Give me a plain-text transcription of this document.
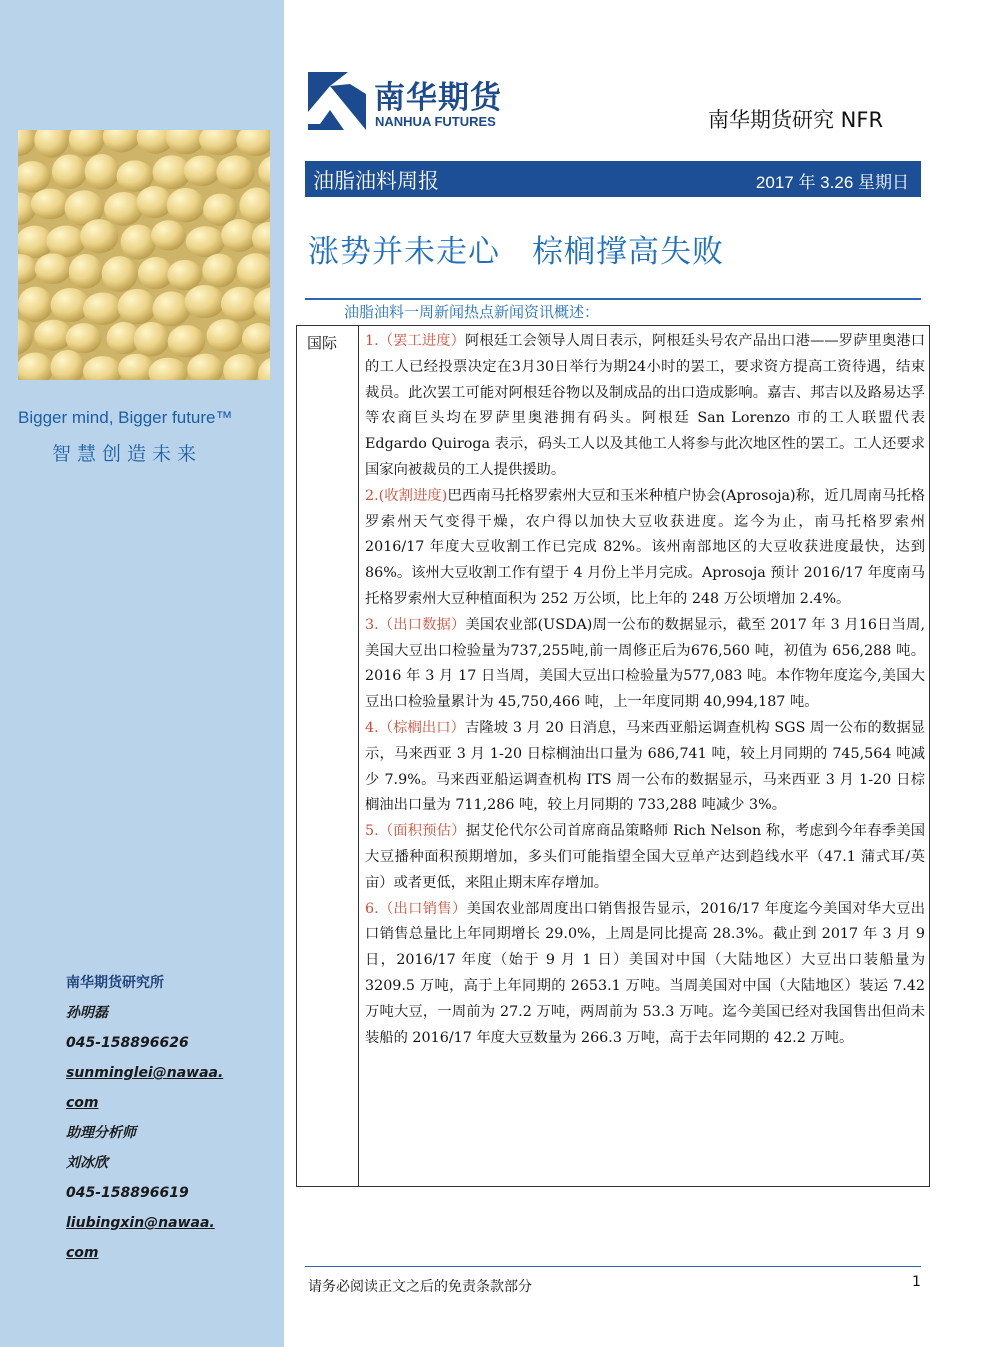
Bigger mind, Bigger future™
智慧创造未来
南华期货研究所
孙明磊
045-158896626
sunminglei@nawaa.
com
助理分析师
刘冰欣
045-158896619
liubingxin@nawaa.
com
南华期货
NANHUA FUTURES	南华期货研究 NFR
油脂油料周报	2017 年 3.26 星期日
涨势并未走心　棕榈撑高失败
油脂油料一周新闻热点新闻资讯概述：
国际 1.（罢工进度）阿根廷工会领导人周日表示，阿根廷头号农产品出口港——罗萨里奥港口的工人已经投票决定在3月30日举行为期24小时的罢工，要求资方提高工资待遇，结束裁员。此次罢工可能对阿根廷谷物以及制成品的出口造成影响。嘉吉、邦吉以及路易达孚等农商巨头均在罗萨里奥港拥有码头。阿根廷 San Lorenzo 市的工人联盟代表 Edgardo Quiroga 表示，码头工人以及其他工人将参与此次地区性的罢工。工人还要求国家向被裁员的工人提供援助。

2.(收割进度)巴西南马托格罗索州大豆和玉米种植户协会(Aprosoja)称，近几周南马托格罗索州天气变得干燥，农户得以加快大豆收获进度。迄今为止，南马托格罗索州 2016/17 年度大豆收割工作已完成 82%。该州南部地区的大豆收获进度最快，达到 86%。该州大豆收割工作有望于 4 月份上半月完成。Aprosoja 预计 2016/17 年度南马托格罗索州大豆种植面积为 252 万公顷，比上年的 248 万公顷增加 2.4%。

3.（出口数据）美国农业部(USDA)周一公布的数据显示，截至 2017 年 3 月16日当周,美国大豆出口检验量为737,255吨,前一周修正后为676,560 吨，初值为 656,288 吨。 2016 年 3 月 17 日当周，美国大豆出口检验量为577,083 吨。本作物年度迄今,美国大豆出口检验量累计为 45,750,466 吨，上一年度同期 40,994,187 吨。

4.（棕榈出口）吉隆坡 3 月 20 日消息，马来西亚船运调查机构 SGS 周一公布的数据显示，马来西亚 3 月 1-20 日棕榈油出口量为 686,741 吨，较上月同期的 745,564 吨减少 7.9%。马来西亚船运调查机构 ITS 周一公布的数据显示，马来西亚 3 月 1-20 日棕榈油出口量为 711,286 吨，较上月同期的 733,288 吨减少 3%。

5.（面积预估）据艾伦代尔公司首席商品策略师 Rich Nelson 称，考虑到今年春季美国大豆播种面积预期增加，多头们可能指望全国大豆单产达到趋线水平（47.1 蒲式耳/英亩）或者更低，来阻止期末库存增加。

6.（出口销售）美国农业部周度出口销售报告显示，2016/17 年度迄今美国对华大豆出口销售总量比上年同期增长 29.0%，上周是同比提高 28.3%。截止到 2017 年 3 月 9 日，2016/17 年度（始于 9 月 1 日）美国对中国（大陆地区）大豆出口装船量为 3209.5 万吨，高于上年同期的 2653.1 万吨。当周美国对中国（大陆地区）装运 7.42 万吨大豆，一周前为 27.2 万吨，两周前为 53.3 万吨。迄今美国已经对我国售出但尚未装船的 2016/17 年度大豆数量为 266.3 万吨，高于去年同期的 42.2 万吨。

请务必阅读正文之后的免责条款部分	1
